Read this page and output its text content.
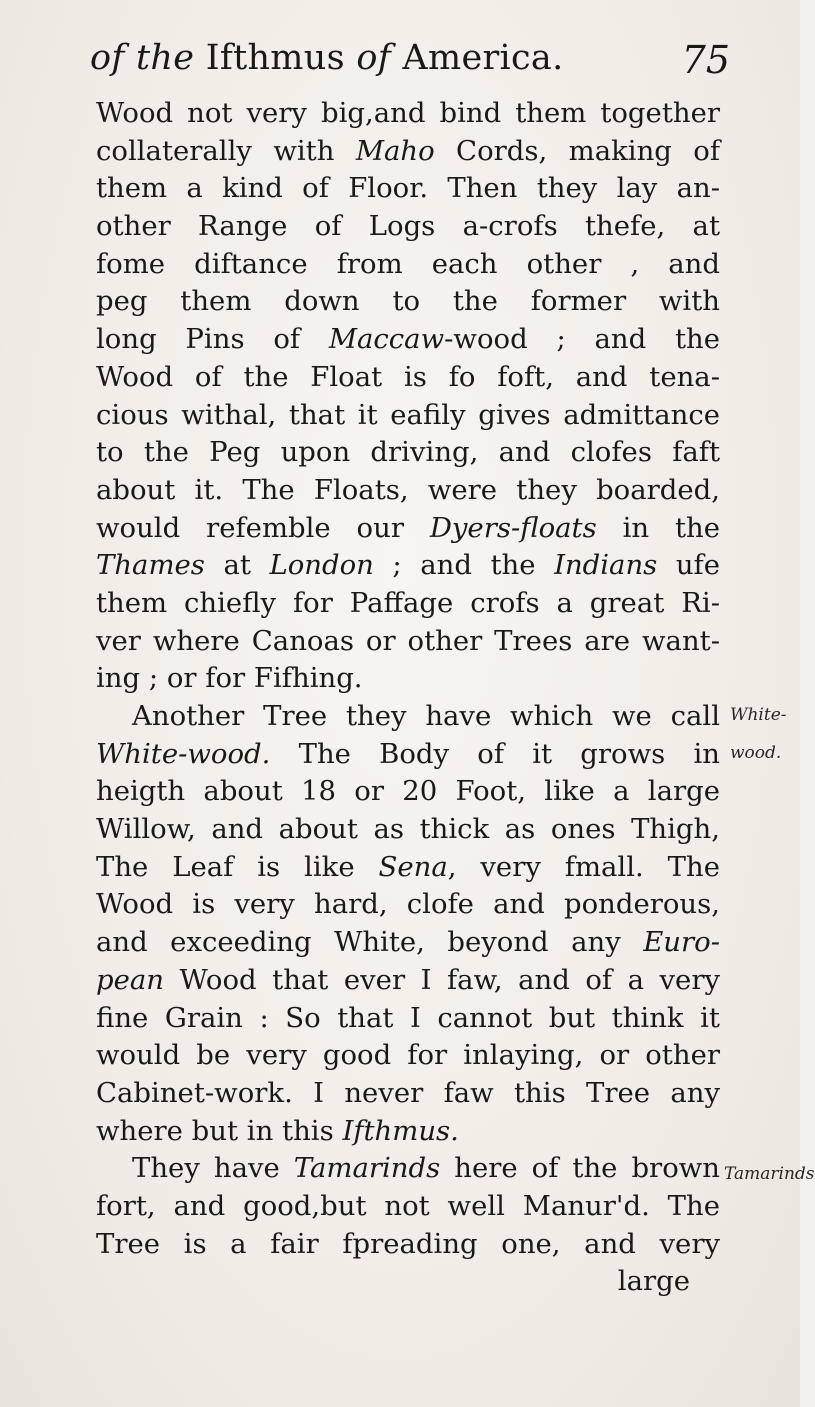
of the Ifthmus of America.	75
Wood not very big,and bind them together
collaterally with Maho Cords, making of
them a kind of Floor. Then they lay an-
other Range of Logs a-crofs thefe, at
fome diftance from each other , and
peg them down to the former with
long Pins of Maccaw-wood ; and the
Wood of the Float is fo foft, and tena-
cious withal, that it eafily gives admittance
to the Peg upon driving, and clofes faft
about it. The Floats, were they boarded,
would refemble our Dyers-floats in the
Thames at London ; and the Indians ufe
them chiefly for Paffage crofs a great Ri-
ver where Canoas or other Trees are want-
ing ; or for Fifhing.
Another Tree they have which we call
White-wood. The Body of it grows in
heigth about 18 or 20 Foot, like a large
Willow, and about as thick as ones Thigh,
The Leaf is like Sena, very fmall. The
Wood is very hard, clofe and ponderous,
and exceeding White, beyond any Euro-
pean Wood that ever I faw, and of a very
fine Grain : So that I cannot but think it
would be very good for inlaying, or other
Cabinet-work. I never faw this Tree any
where but in this Ifthmus.
They have Tamarinds here of the brown
fort, and good,but not well Manur'd. The
Tree is a fair fpreading one, and very
large
White-
wood.
Tamarinds
